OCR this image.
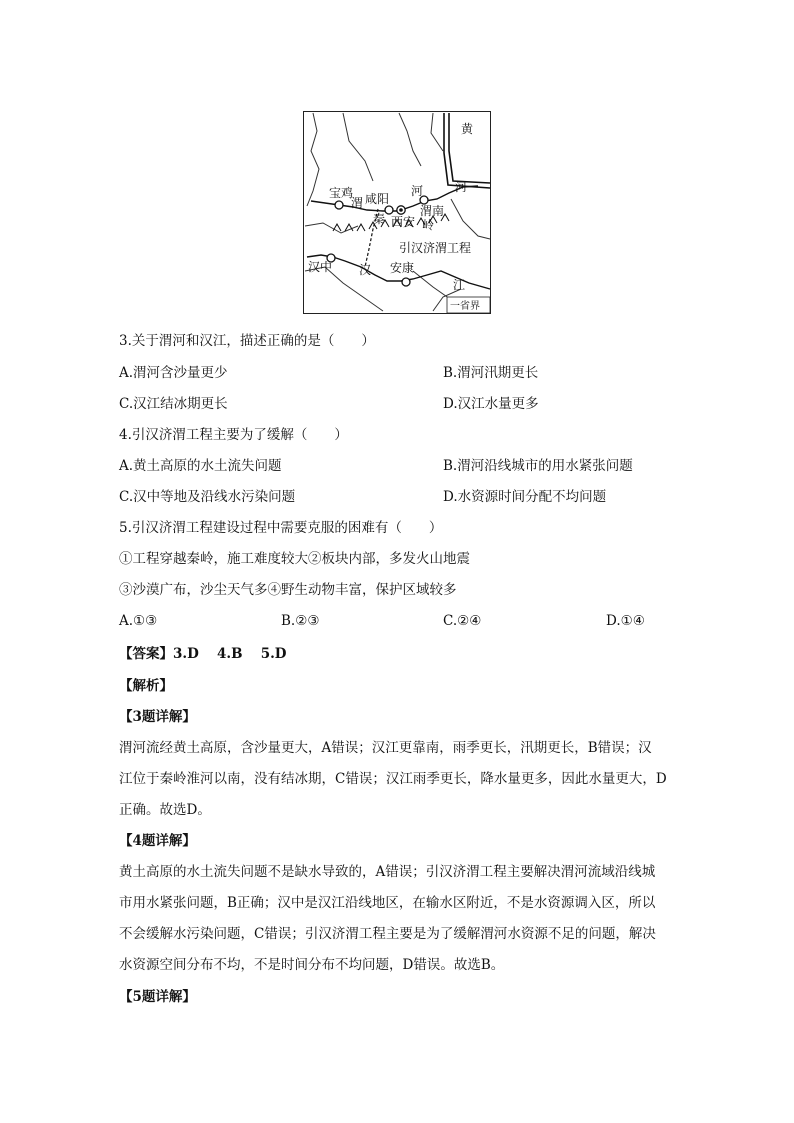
黄
河
宝鸡
渭 咸阳
河
西安
渭南
岭
秦
引汉济渭工程
汉中 汉 安康
江
一省界
3.关于渭河和汉江，描述正确的是（　　）
A.渭河含沙量更少	B.渭河汛期更长
C.汉江结冰期更长	D.汉江水量更多
4.引汉济渭工程主要为了缓解（　　）
A.黄土高原的水土流失问题	B.渭河沿线城市的用水紧张问题
C.汉中等地及沿线水污染问题	D.水资源时间分配不均问题
5.引汉济渭工程建设过程中需要克服的困难有（　　）
①工程穿越秦岭，施工难度较大②板块内部，多发火山地震
③沙漠广布，沙尘天气多④野生动物丰富，保护区域较多
A.①③	B.②③	C.②④	D.①④
【答案】3.D　 4.B　 5.D
【解析】
【3题详解】
渭河流经黄土高原，含沙量更大，A错误；汉江更靠南，雨季更长，汛期更长，B错误；汉
江位于秦岭淮河以南，没有结冰期，C错误；汉江雨季更长，降水量更多，因此水量更大，D
正确。故选D。
【4题详解】
黄土高原的水土流失问题不是缺水导致的，A错误；引汉济渭工程主要解决渭河流域沿线城
市用水紧张问题，B正确；汉中是汉江沿线地区，在输水区附近，不是水资源调入区，所以
不会缓解水污染问题，C错误；引汉济渭工程主要是为了缓解渭河水资源不足的问题，解决
水资源空间分布不均，不是时间分布不均问题，D错误。故选B。
【5题详解】
